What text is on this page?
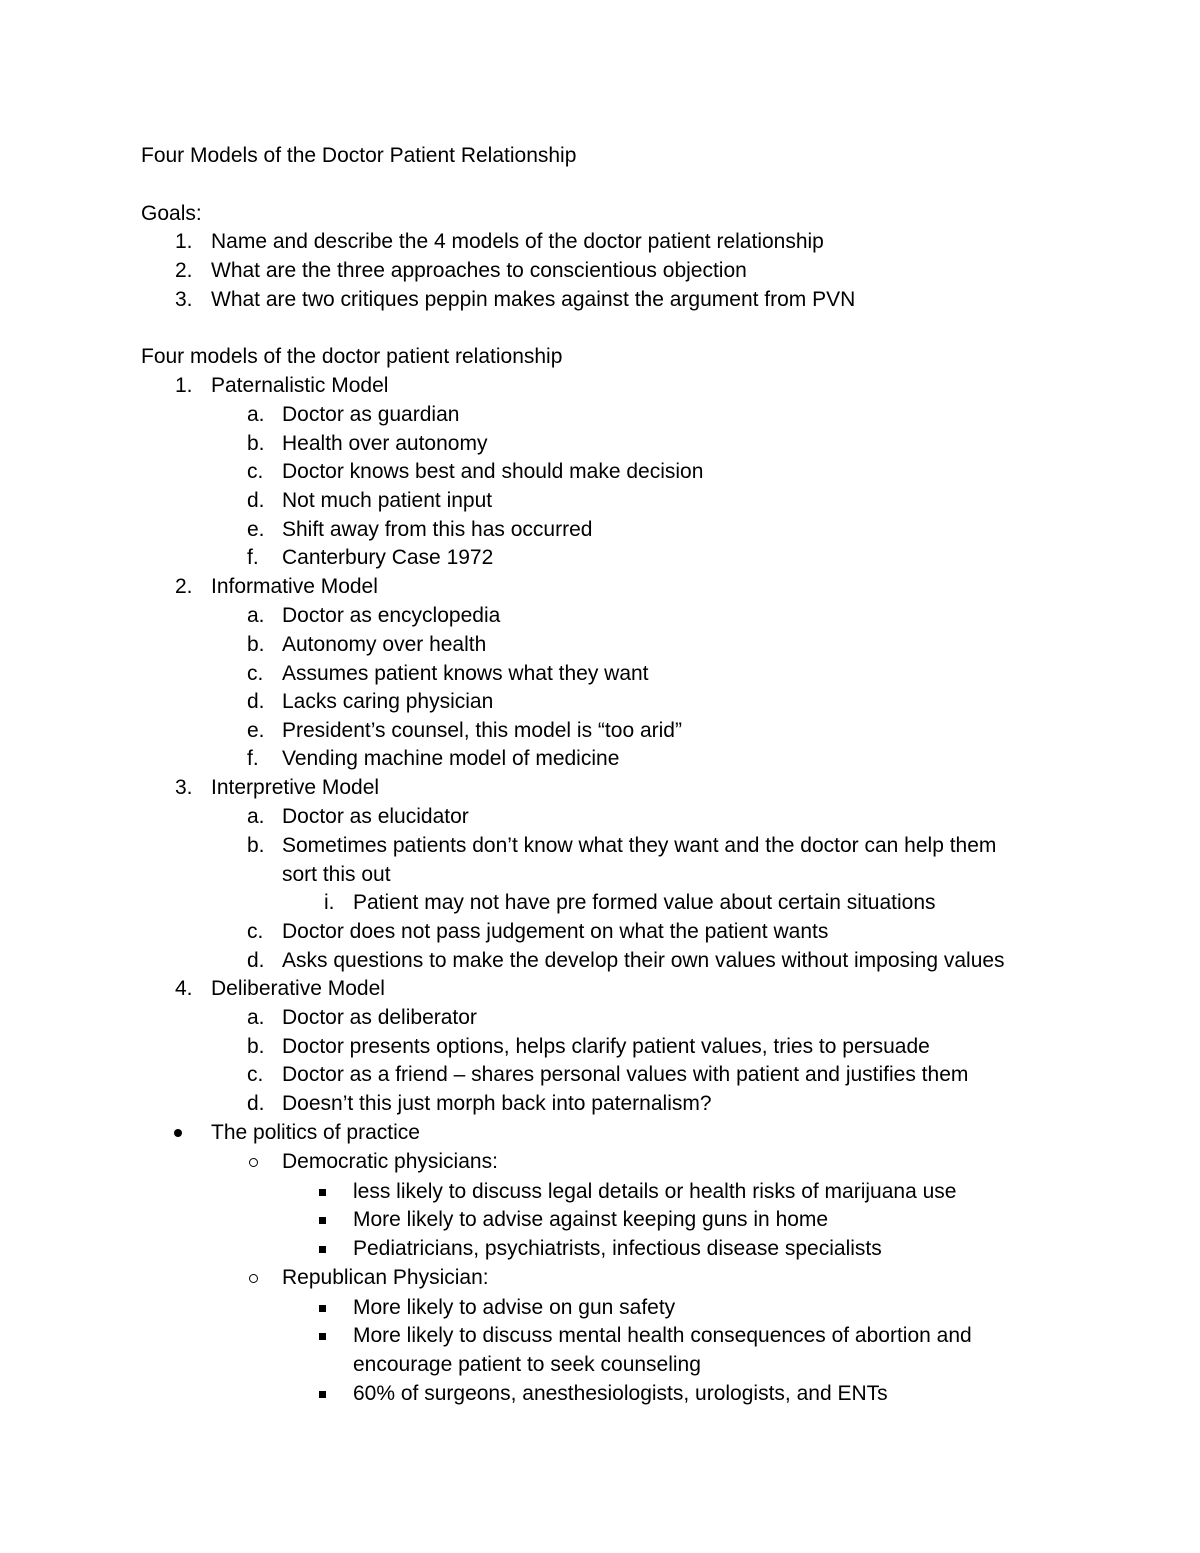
Four Models of the Doctor Patient Relationship
Goals:
1. Name and describe the 4 models of the doctor patient relationship
2. What are the three approaches to conscientious objection
3. What are two critiques peppin makes against the argument from PVN
Four models of the doctor patient relationship
1. Paternalistic Model
a. Doctor as guardian
b. Health over autonomy
c. Doctor knows best and should make decision
d. Not much patient input
e. Shift away from this has occurred
f. Canterbury Case 1972
2. Informative Model
a. Doctor as encyclopedia
b. Autonomy over health
c. Assumes patient knows what they want
d. Lacks caring physician
e. President’s counsel, this model is “too arid”
f. Vending machine model of medicine
3. Interpretive Model
a. Doctor as elucidator
b. Sometimes patients don’t know what they want and the doctor can help them
sort this out
i. Patient may not have pre formed value about certain situations
c. Doctor does not pass judgement on what the patient wants
d. Asks questions to make the develop their own values without imposing values
4. Deliberative Model
a. Doctor as deliberator
b. Doctor presents options, helps clarify patient values, tries to persuade
c. Doctor as a friend – shares personal values with patient and justifies them
d. Doesn’t this just morph back into paternalism?
The politics of practice
Democratic physicians:
less likely to discuss legal details or health risks of marijuana use
More likely to advise against keeping guns in home
Pediatricians, psychiatrists, infectious disease specialists
Republican Physician:
More likely to advise on gun safety
More likely to discuss mental health consequences of abortion and
encourage patient to seek counseling
60% of surgeons, anesthesiologists, urologists, and ENTs
